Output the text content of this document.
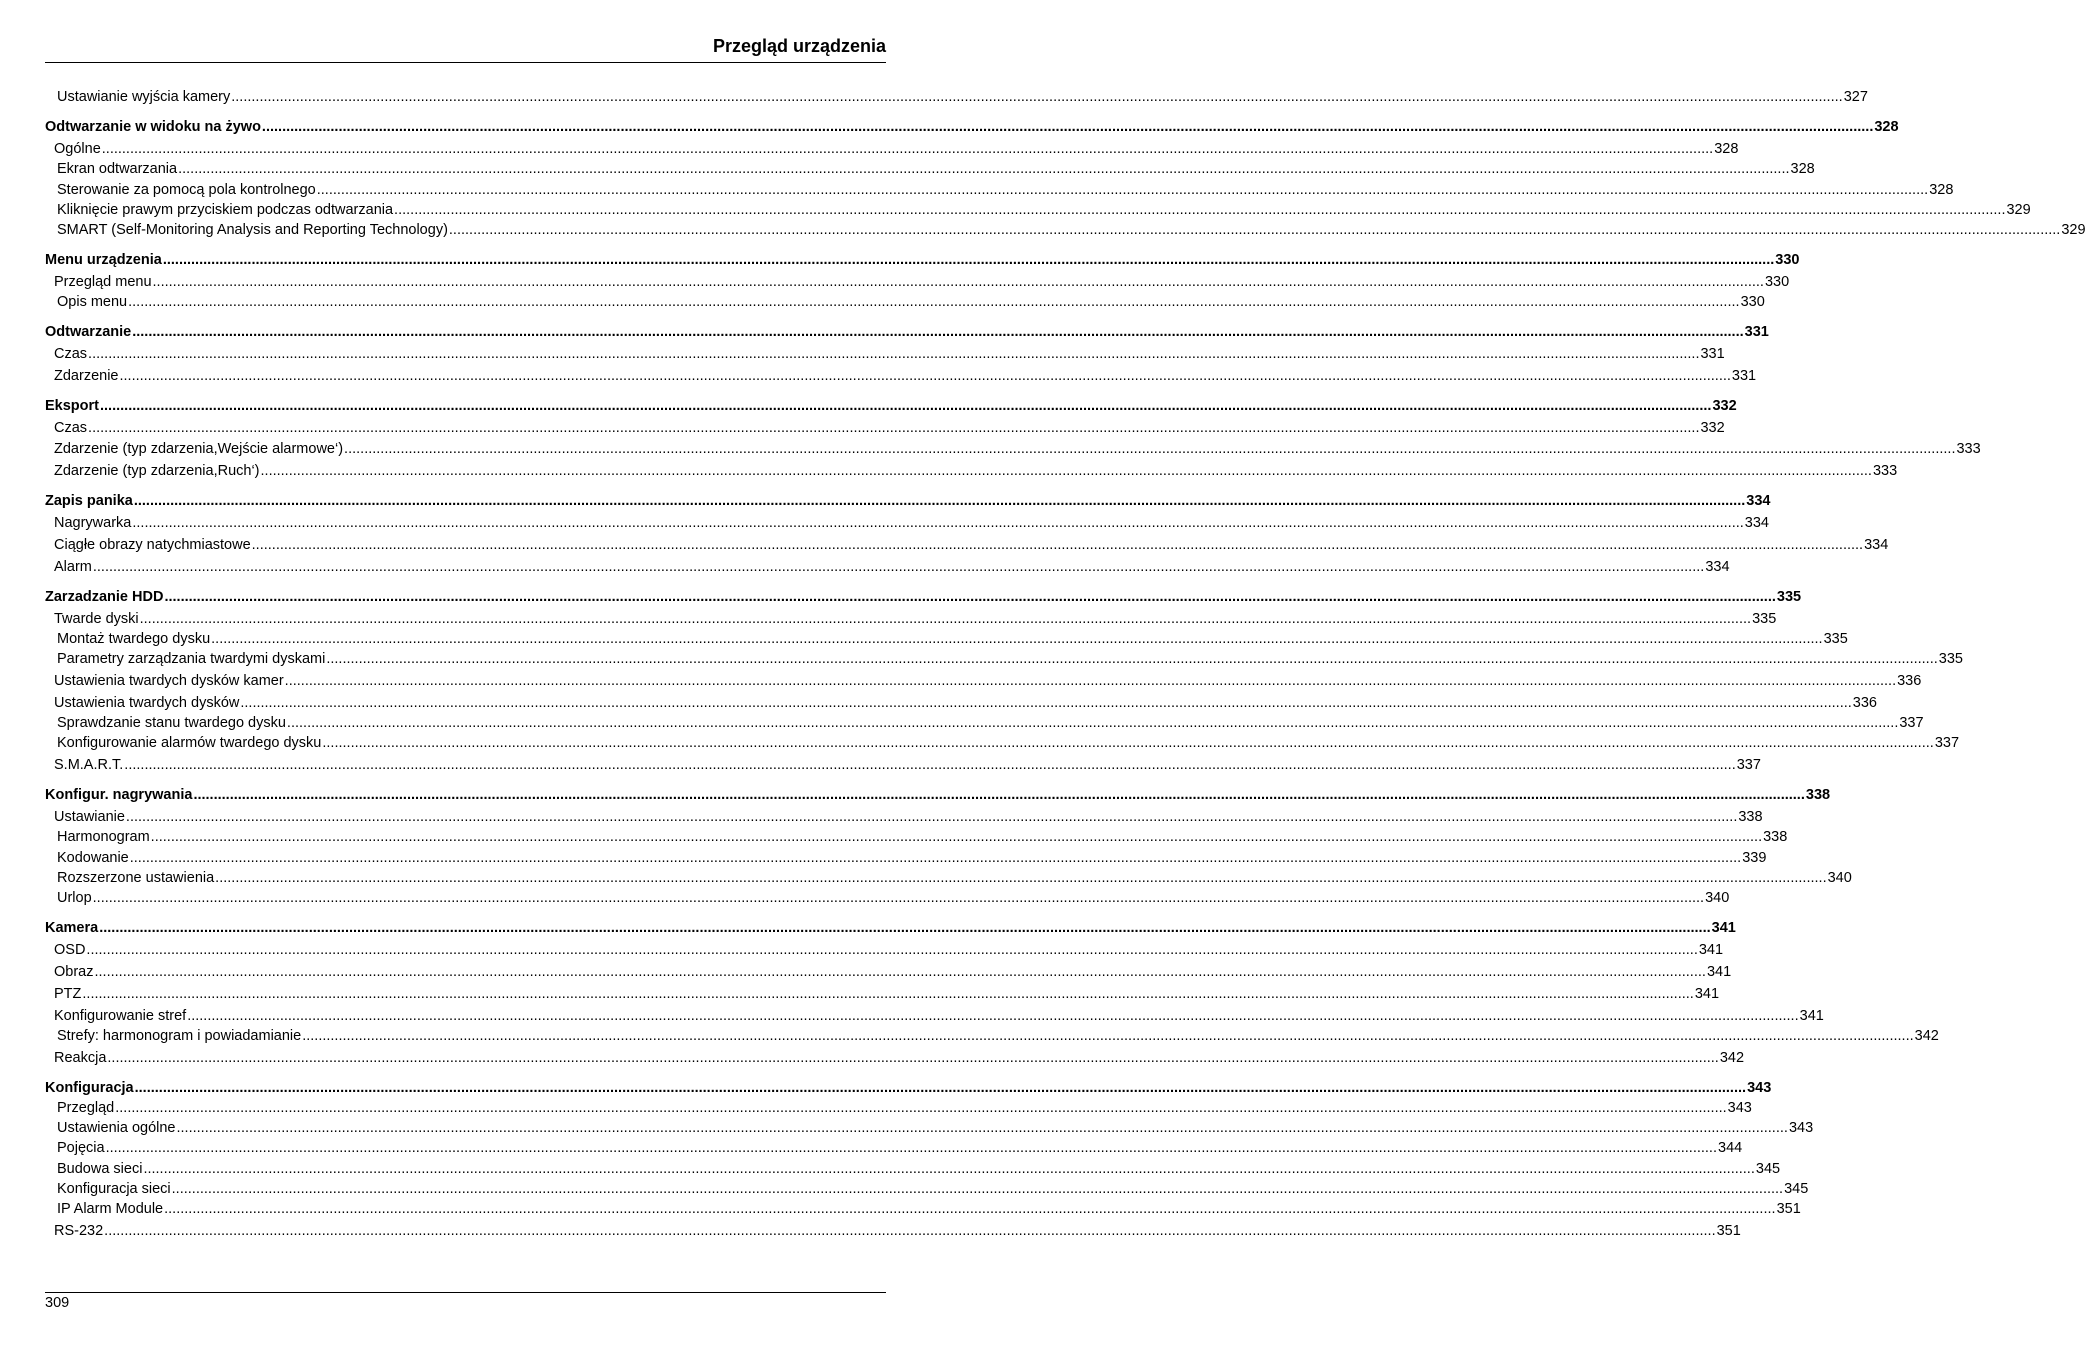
Przegląd urządzenia
Ustawianie wyjścia kamery ................................................................................................................................................................................................................................................................................................................................................................................................................ 327
Odtwarzanie w widoku na żywo ................................................................................................................................................................................................................................................................................................................................................................................................................ 328
Ogólne ................................................................................................................................................................................................................................................................................................................................................................................................................ 328
Ekran odtwarzania ................................................................................................................................................................................................................................................................................................................................................................................................................ 328
Sterowanie za pomocą pola kontrolnego ................................................................................................................................................................................................................................................................................................................................................................................................................ 328
Kliknięcie prawym przyciskiem podczas odtwarzania ................................................................................................................................................................................................................................................................................................................................................................................................................ 329
SMART (Self-Monitoring Analysis and Reporting Technology) ................................................................................................................................................................................................................................................................................................................................................................................................................ 329
Menu urządzenia ................................................................................................................................................................................................................................................................................................................................................................................................................ 330
Przegląd menu ................................................................................................................................................................................................................................................................................................................................................................................................................ 330
Opis menu ................................................................................................................................................................................................................................................................................................................................................................................................................ 330
Odtwarzanie ................................................................................................................................................................................................................................................................................................................................................................................................................ 331
Czas ................................................................................................................................................................................................................................................................................................................................................................................................................ 331
Zdarzenie ................................................................................................................................................................................................................................................................................................................................................................................................................ 331
Eksport ................................................................................................................................................................................................................................................................................................................................................................................................................ 332
Czas ................................................................................................................................................................................................................................................................................................................................................................................................................ 332
Zdarzenie (typ zdarzenia,Wejście alarmowe‘) ................................................................................................................................................................................................................................................................................................................................................................................................................ 333
Zdarzenie (typ zdarzenia,Ruch‘) ................................................................................................................................................................................................................................................................................................................................................................................................................ 333
Zapis panika ................................................................................................................................................................................................................................................................................................................................................................................................................ 334
Nagrywarka ................................................................................................................................................................................................................................................................................................................................................................................................................ 334
Ciągłe obrazy natychmiastowe ................................................................................................................................................................................................................................................................................................................................................................................................................ 334
Alarm ................................................................................................................................................................................................................................................................................................................................................................................................................ 334
Zarzadzanie HDD ................................................................................................................................................................................................................................................................................................................................................................................................................ 335
Twarde dyski ................................................................................................................................................................................................................................................................................................................................................................................................................ 335
Montaż twardego dysku ................................................................................................................................................................................................................................................................................................................................................................................................................ 335
Parametry zarządzania twardymi dyskami ................................................................................................................................................................................................................................................................................................................................................................................................................ 335
Ustawienia twardych dysków kamer ................................................................................................................................................................................................................................................................................................................................................................................................................ 336
Ustawienia twardych dysków ................................................................................................................................................................................................................................................................................................................................................................................................................ 336
Sprawdzanie stanu twardego dysku ................................................................................................................................................................................................................................................................................................................................................................................................................ 337
Konfigurowanie alarmów twardego dysku ................................................................................................................................................................................................................................................................................................................................................................................................................ 337
S.M.A.R.T. ................................................................................................................................................................................................................................................................................................................................................................................................................ 337
Konfigur. nagrywania ................................................................................................................................................................................................................................................................................................................................................................................................................ 338
Ustawianie ................................................................................................................................................................................................................................................................................................................................................................................................................ 338
Harmonogram ................................................................................................................................................................................................................................................................................................................................................................................................................ 338
Kodowanie ................................................................................................................................................................................................................................................................................................................................................................................................................ 339
Rozszerzone ustawienia ................................................................................................................................................................................................................................................................................................................................................................................................................ 340
Urlop ................................................................................................................................................................................................................................................................................................................................................................................................................ 340
Kamera ................................................................................................................................................................................................................................................................................................................................................................................................................ 341
OSD ................................................................................................................................................................................................................................................................................................................................................................................................................ 341
Obraz ................................................................................................................................................................................................................................................................................................................................................................................................................ 341
PTZ ................................................................................................................................................................................................................................................................................................................................................................................................................ 341
Konfigurowanie stref ................................................................................................................................................................................................................................................................................................................................................................................................................ 341
Strefy: harmonogram i powiadamianie ................................................................................................................................................................................................................................................................................................................................................................................................................ 342
Reakcja ................................................................................................................................................................................................................................................................................................................................................................................................................ 342
Konfiguracja ................................................................................................................................................................................................................................................................................................................................................................................................................ 343
Przegląd ................................................................................................................................................................................................................................................................................................................................................................................................................ 343
Ustawienia ogólne ................................................................................................................................................................................................................................................................................................................................................................................................................ 343
Pojęcia ................................................................................................................................................................................................................................................................................................................................................................................................................ 344
Budowa sieci ................................................................................................................................................................................................................................................................................................................................................................................................................ 345
Konfiguracja sieci ................................................................................................................................................................................................................................................................................................................................................................................................................ 345
IP Alarm Module ................................................................................................................................................................................................................................................................................................................................................................................................................ 351
RS-232 ................................................................................................................................................................................................................................................................................................................................................................................................................ 351
309
